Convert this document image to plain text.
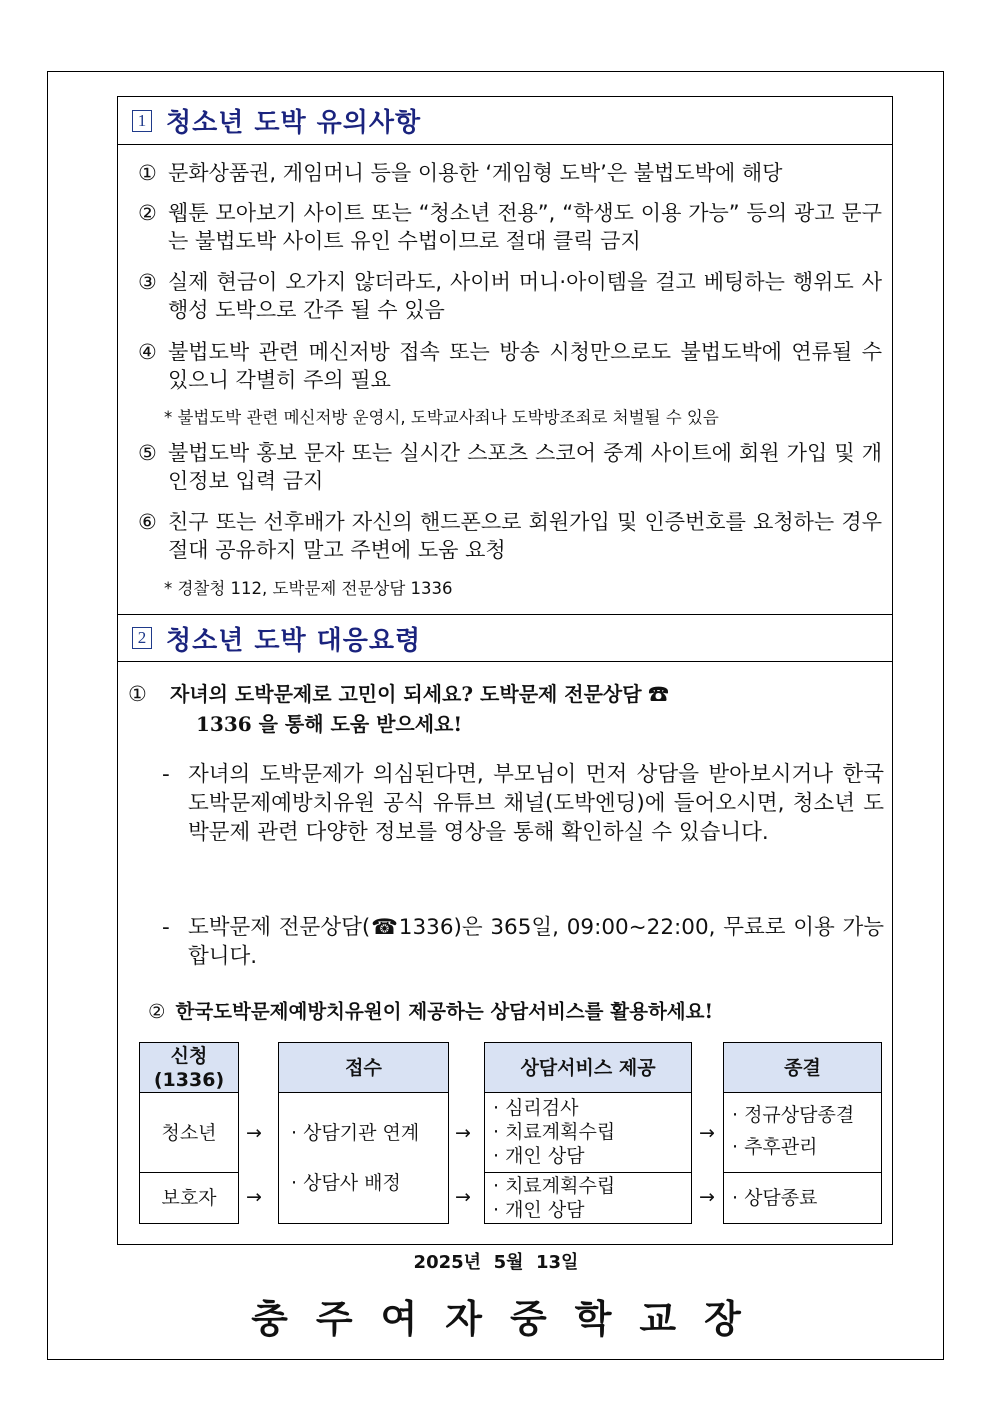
1 청소년 도박 유의사항
① 문화상품권, 게임머니 등을 이용한 ‘게임형 도박’은 불법도박에 해당
② 웹툰 모아보기 사이트 또는 “청소년 전용”, “학생도 이용 가능” 등의 광고 문구는 불법도박 사이트 유인 수법이므로 절대 클릭 금지
③ 실제 현금이 오가지 않더라도, 사이버 머니·아이템을 걸고 베팅하는 행위도 사행성 도박으로 간주 될 수 있음
④ 불법도박 관련 메신저방 접속 또는 방송 시청만으로도 불법도박에 연류될 수 있으니 각별히 주의 필요
* 불법도박 관련 메신저방 운영시, 도박교사죄나 도박방조죄로 처벌될 수 있음
⑤ 불법도박 홍보 문자 또는 실시간 스포츠 스코어 중계 사이트에 회원 가입 및 개인정보 입력 금지
⑥ 친구 또는 선후배가 자신의 핸드폰으로 회원가입 및 인증번호를 요청하는 경우 절대 공유하지 말고 주변에 도움 요청
* 경찰청 112, 도박문제 전문상담 1336
2 청소년 도박 대응요령
①	자녀의 도박문제로 고민이 되세요? 도박문제 전문상담 ☎
1336 을 통해 도움 받으세요!
- 자녀의 도박문제가 의심된다면, 부모님이 먼저 상담을 받아보시거나 한국도박문제예방치유원 공식 유튜브 채널(도박엔딩)에 들어오시면, 청소년 도박문제 관련 다양한 정보를 영상을 통해 확인하실 수 있습니다.
- 도박문제 전문상담(☎1336)은 365일, 09:00~22:00, 무료로 이용 가능합니다.
② 한국도박문제예방치유원이 제공하는 상담서비스를 활용하세요!
신청
(1336)
청소년
보호자
→
→
접수
· 상담기관 연계
· 상담사 배정
→
→
상담서비스 제공
· 심리검사
· 치료계획수립
· 개인 상담
· 치료계획수립
· 개인 상담
→
→
종결
· 정규상담종결
· 추후관리
· 상담종료
2025년  5월  13일
충주여자중학교장
